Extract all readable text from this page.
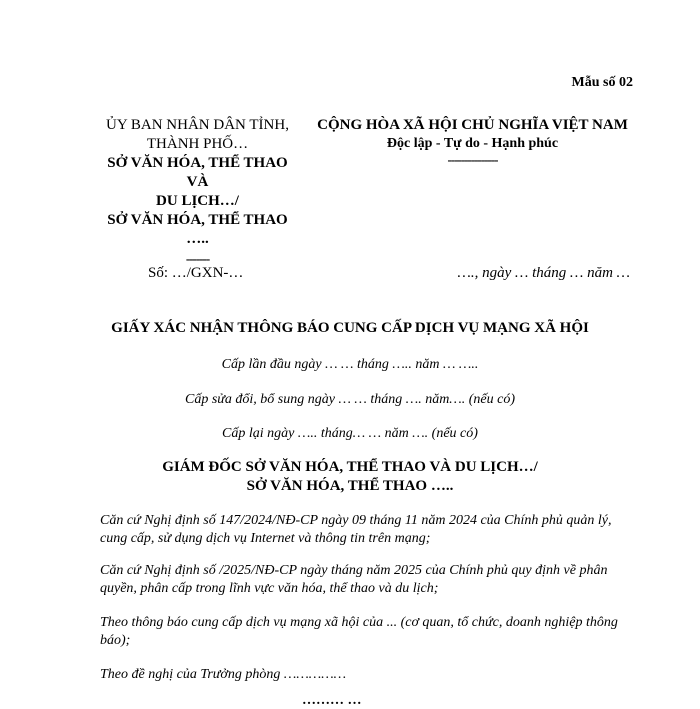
Mẫu số 02
ỦY BAN NHÂN DÂN TỈNH,
THÀNH PHỐ…
SỞ VĂN HÓA, THỂ THAO
VÀ
DU LỊCH…/
SỞ VĂN HÓA, THỂ THAO
…..
-------
CỘNG HÒA XÃ HỘI CHỦ NGHĨA VIỆT NAM
Độc lập - Tự do - Hạnh phúc
---------------
Số: …/GXN-…	…., ngày … tháng … năm …
GIẤY XÁC NHẬN THÔNG BÁO CUNG CẤP DỊCH VỤ MẠNG XÃ HỘI
Cấp lần đầu ngày … … tháng ….. năm … …..
Cấp sửa đổi, bổ sung ngày … … tháng …. năm…. (nếu có)
Cấp lại ngày ….. tháng… … năm …. (nếu có)
GIÁM ĐỐC SỞ VĂN HÓA, THỂ THAO VÀ DU LỊCH…/
SỞ VĂN HÓA, THỂ THAO …..
Căn cứ Nghị định số 147/2024/NĐ-CP ngày 09 tháng 11 năm 2024 của Chính phủ quản lý, cung cấp, sử dụng dịch vụ Internet và thông tin trên mạng;
Căn cứ Nghị định số /2025/NĐ-CP ngày tháng năm 2025 của Chính phủ quy định về phân quyền, phân cấp trong lĩnh vực văn hóa, thể thao và du lịch;
Theo thông báo cung cấp dịch vụ mạng xã hội của ... (cơ quan, tổ chức, doanh nghiệp thông báo);
Theo đề nghị của Trưởng phòng ……………
……… …
